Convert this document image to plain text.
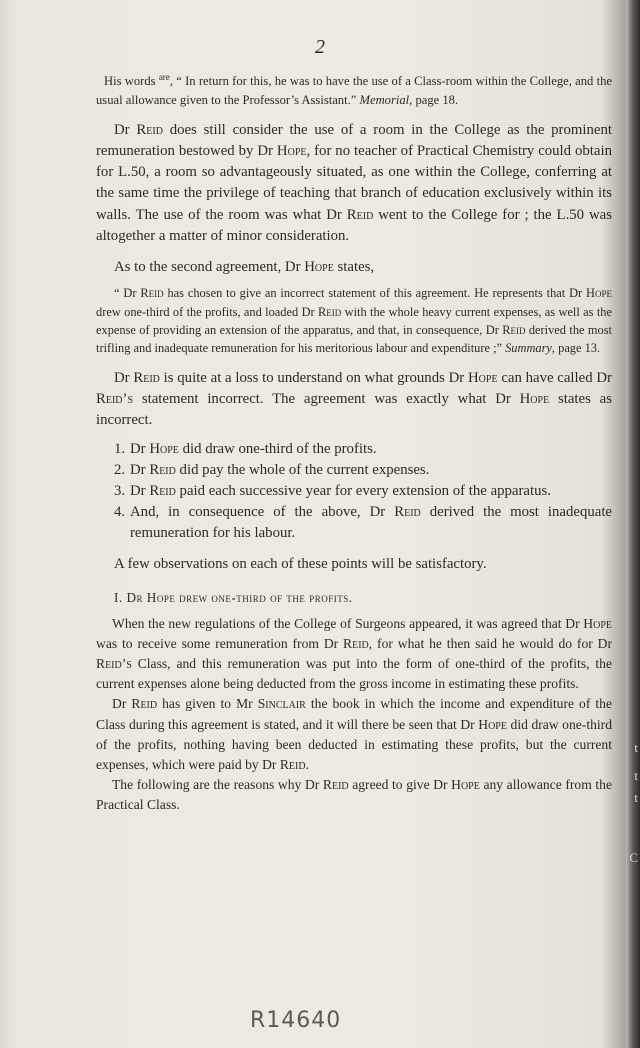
t
t
t
C
2

His words $^{are}$, “ In return for this, he was to have the use of a Class-room within the College, and the usual allowance given to the Professor’s Assistant.” Memorial, page 18.

Dr Reid does still consider the use of a room in the College as the prominent remuneration bestowed by Dr Hope, for no teacher of Practical Chemistry could obtain for L.50, a room so advantageously situated, as one within the College, conferring at the same time the privilege of teaching that branch of education exclusively within its walls. The use of the room was what Dr Reid went to the College for ; the L.50 was altogether a matter of minor consideration.

As to the second agreement, Dr Hope states,

“ Dr Reid has chosen to give an incorrect statement of this agreement. He represents that Dr Hope drew one-third of the profits, and loaded Dr Reid with the whole heavy current expenses, as well as the expense of providing an extension of the apparatus, and that, in consequence, Dr Reid derived the most trifling and inadequate remuneration for his meritorious labour and expenditure ;” Summary, page 13.

Dr Reid is quite at a loss to understand on what grounds Dr Hope can have called Dr Reid’s statement incorrect. The agreement was exactly what Dr Hope states as incorrect.

1. Dr Hope did draw one-third of the profits.
2. Dr Reid did pay the whole of the current expenses.
3. Dr Reid paid each successive year for every extension of the apparatus.
4. And, in consequence of the above, Dr Reid derived the most inadequate remuneration for his labour.

A few observations on each of these points will be satisfactory.

I. Dr Hope drew one-third of the profits.

When the new regulations of the College of Surgeons appeared, it was agreed that Dr Hope was to receive some remuneration from Dr Reid, for what he then said he would do for Dr Reid’s Class, and this remuneration was put into the form of one-third of the profits, the current expenses alone being deducted from the gross income in estimating these profits.

Dr Reid has given to Mr Sinclair the book in which the income and expenditure of the Class during this agreement is stated, and it will there be seen that Dr Hope did draw one-third of the profits, nothing having been deducted in estimating these profits, but the current expenses, which were paid by Dr Reid.

The following are the reasons why Dr Reid agreed to give Dr Hope any allowance from the Practical Class.

R14640
